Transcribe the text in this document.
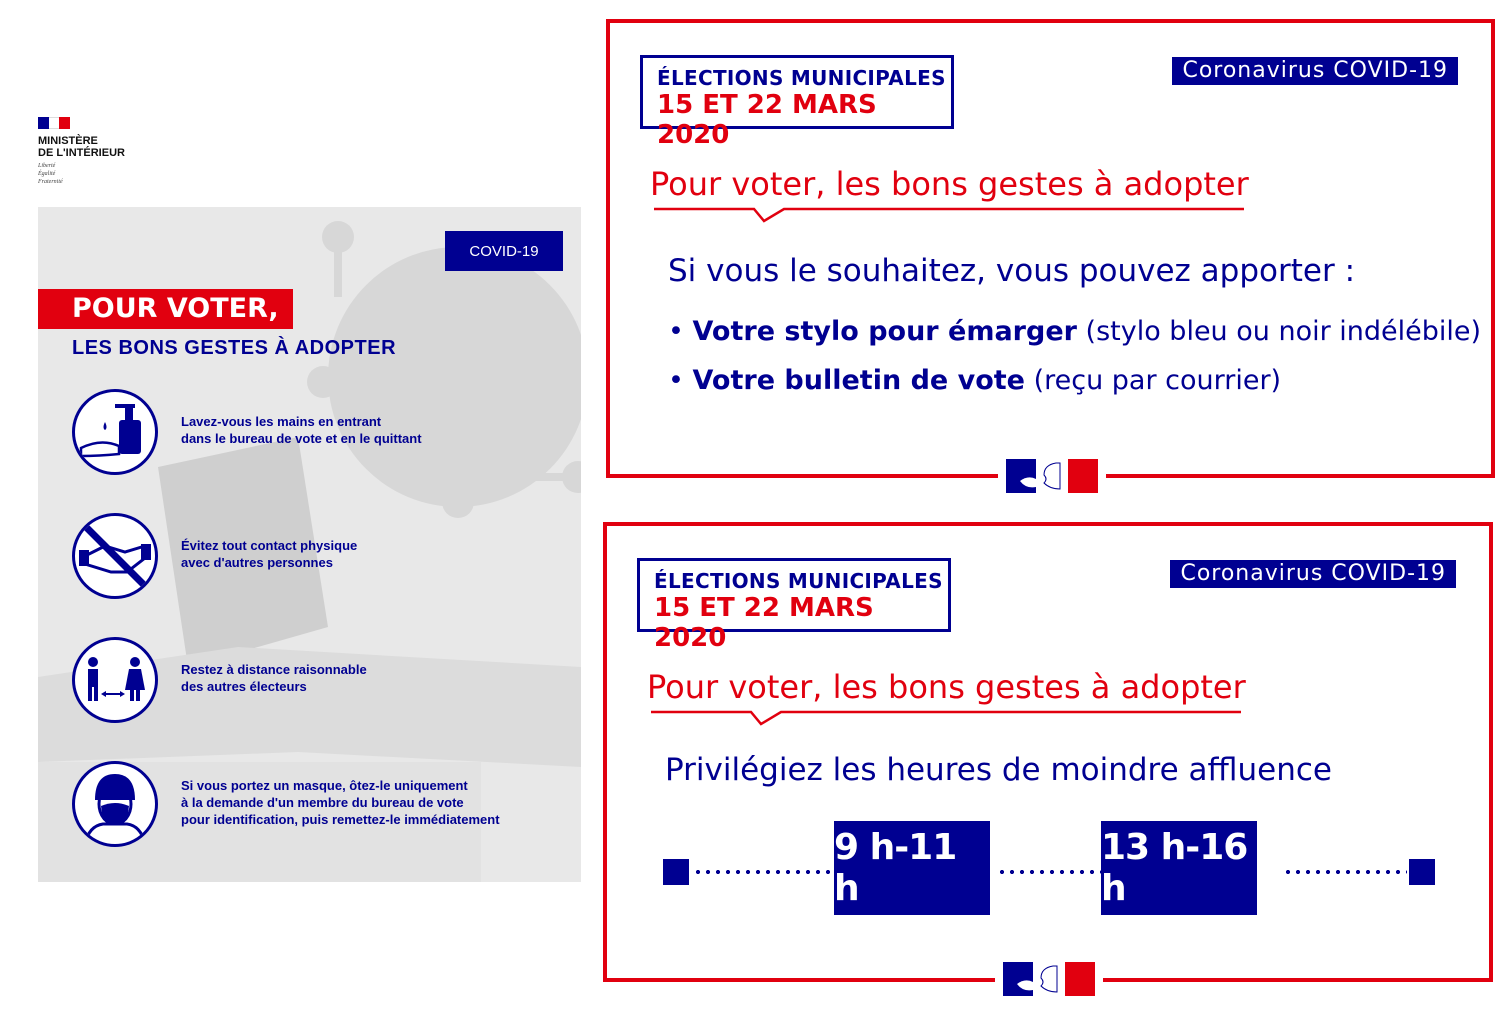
MINISTÈRE
DE L'INTÉRIEUR
Liberté
Égalité
Fraternité
COVID-19
POUR VOTER,
LES BONS GESTES À ADOPTER
Lavez-vous les mains en entrant
dans le bureau de vote et en le quittant
Évitez tout contact physique
avec d'autres personnes
Restez à distance raisonnable
des autres électeurs
Si vous portez un masque, ôtez-le uniquement
à la demande d'un membre du bureau de vote
pour identification, puis remettez-le immédiatement
ÉLECTIONS MUNICIPALES
15 ET 22 MARS 2020
Coronavirus COVID-19
Pour voter, les bons gestes à adopter
Si vous le souhaitez, vous pouvez apporter :
• Votre stylo pour émarger (stylo bleu ou noir indélébile)
• Votre bulletin de vote (reçu par courrier)
ÉLECTIONS MUNICIPALES
15 ET 22 MARS 2020
Coronavirus COVID-19
Pour voter, les bons gestes à adopter
Privilégiez les heures de moindre affluence
9 h-11 h
13 h-16 h
